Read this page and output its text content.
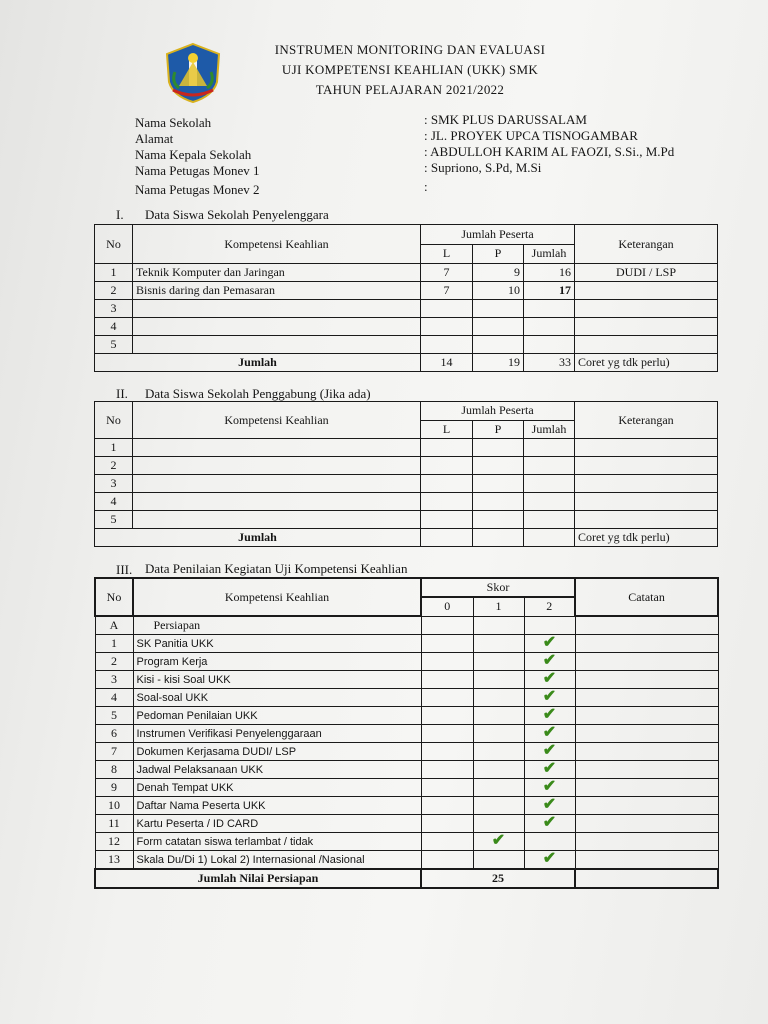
INSTRUMEN MONITORING DAN EVALUASI
UJI KOMPETENSI KEAHLIAN (UKK) SMK
TAHUN PELAJARAN 2021/2022
Nama Sekolah
Alamat
Nama Kepala Sekolah
Nama Petugas Monev 1
Nama Petugas Monev 2
: SMK PLUS DARUSSALAM
: JL. PROYEK UPCA TISNOGAMBAR
: ABDULLOH KARIM AL FAOZI, S.Si., M.Pd
: Supriono, S.Pd, M.Si
:
I. Data Siswa Sekolah Penyelenggara
No	Kompetensi Keahlian	Jumlah Peserta			Keterangan
		L	P	Jumlah	
1	Teknik Komputer dan Jaringan	7	9	16	DUDI / LSP
2	Bisnis daring dan Pemasaran	7	10	17	
3					
4					
5					
Jumlah		14	19	33	Coret yg tdk perlu)
II. Data Siswa Sekolah Penggabung (Jika ada)
No	Kompetensi Keahlian	Jumlah Peserta			Keterangan
		L	P	Jumlah	
1					
2					
3					
4					
5					
Jumlah					Coret yg tdk perlu)
III. Data Penilaian Kegiatan Uji Kompetensi Keahlian
No	Kompetensi Keahlian	Skor			Catatan
		0	1	2	
A	Persiapan				
1	SK Panitia UKK			✔	
2	Program Kerja			✔	
3	Kisi - kisi Soal UKK			✔	
4	Soal-soal UKK			✔	
5	Pedoman Penilaian UKK			✔	
6	Instrumen Verifikasi Penyelenggaraan			✔	
7	Dokumen Kerjasama DUDI/ LSP			✔	
8	Jadwal Pelaksanaan UKK			✔	
9	Denah Tempat UKK			✔	
10	Daftar Nama Peserta UKK			✔	
11	Kartu Peserta / ID CARD			✔	
12	Form catatan siswa terlambat / tidak		✔		
13	Skala Du/Di 1) Lokal 2) Internasional /Nasional			✔	
Jumlah Nilai Persiapan		25			
